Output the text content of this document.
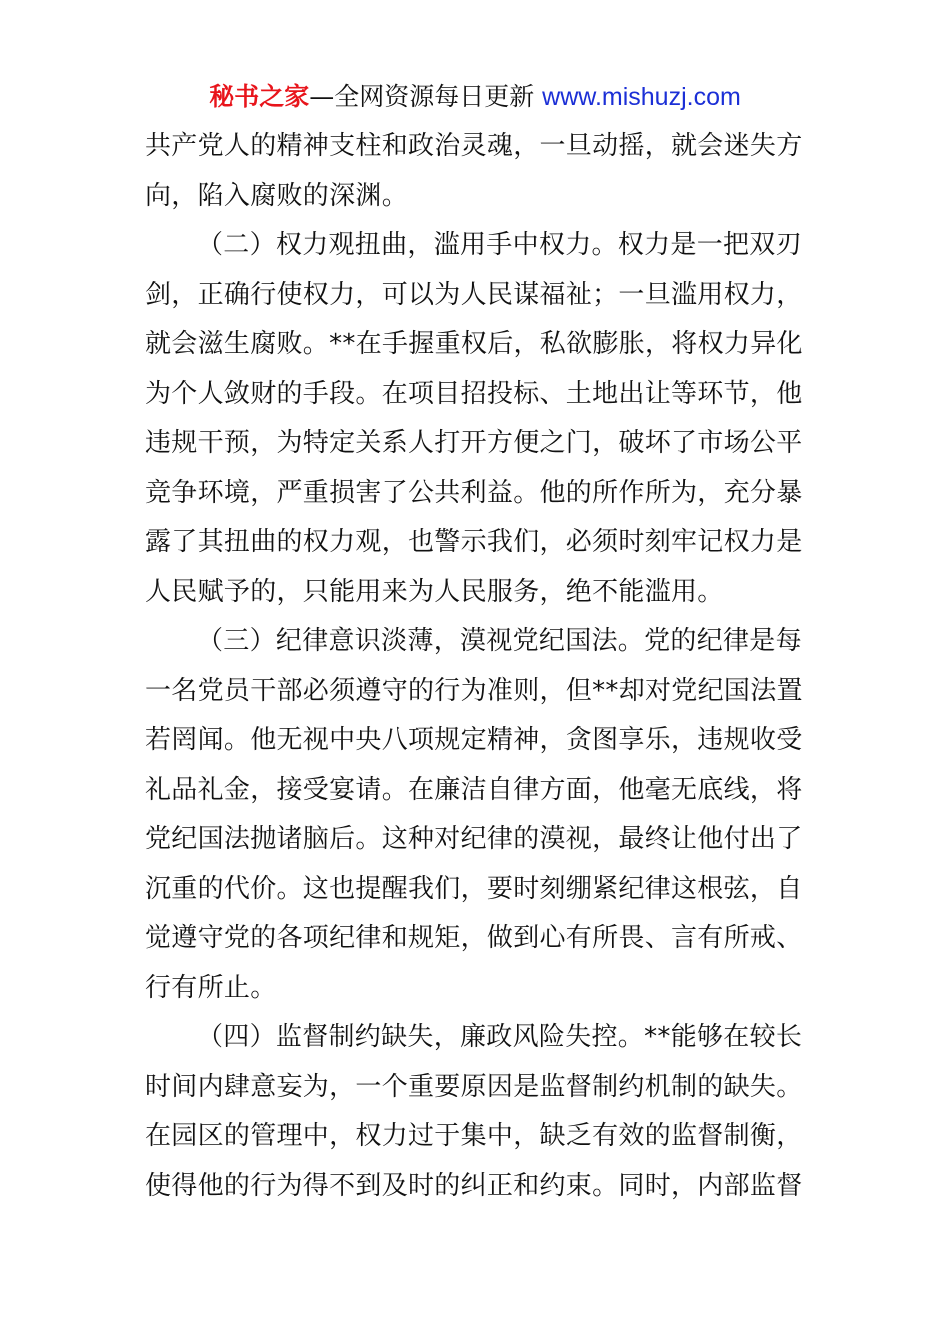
秘书之家—全网资源每日更新 www.mishuzj.com
共产党人的精神支柱和政治灵魂，一旦动摇，就会迷失方
向，陷入腐败的深渊。
（二）权力观扭曲，滥用手中权力。权力是一把双刃
剑，正确行使权力，可以为人民谋福祉；一旦滥用权力，
就会滋生腐败。**在手握重权后，私欲膨胀，将权力异化
为个人敛财的手段。在项目招投标、土地出让等环节，他
违规干预，为特定关系人打开方便之门，破坏了市场公平
竞争环境，严重损害了公共利益。他的所作所为，充分暴
露了其扭曲的权力观，也警示我们，必须时刻牢记权力是
人民赋予的，只能用来为人民服务，绝不能滥用。
（三）纪律意识淡薄，漠视党纪国法。党的纪律是每
一名党员干部必须遵守的行为准则，但**却对党纪国法置
若罔闻。他无视中央八项规定精神，贪图享乐，违规收受
礼品礼金，接受宴请。在廉洁自律方面，他毫无底线，将
党纪国法抛诸脑后。这种对纪律的漠视，最终让他付出了
沉重的代价。这也提醒我们，要时刻绷紧纪律这根弦，自
觉遵守党的各项纪律和规矩，做到心有所畏、言有所戒、
行有所止。
（四）监督制约缺失，廉政风险失控。**能够在较长
时间内肆意妄为，一个重要原因是监督制约机制的缺失。
在园区的管理中，权力过于集中，缺乏有效的监督制衡，
使得他的行为得不到及时的纠正和约束。同时，内部监督
